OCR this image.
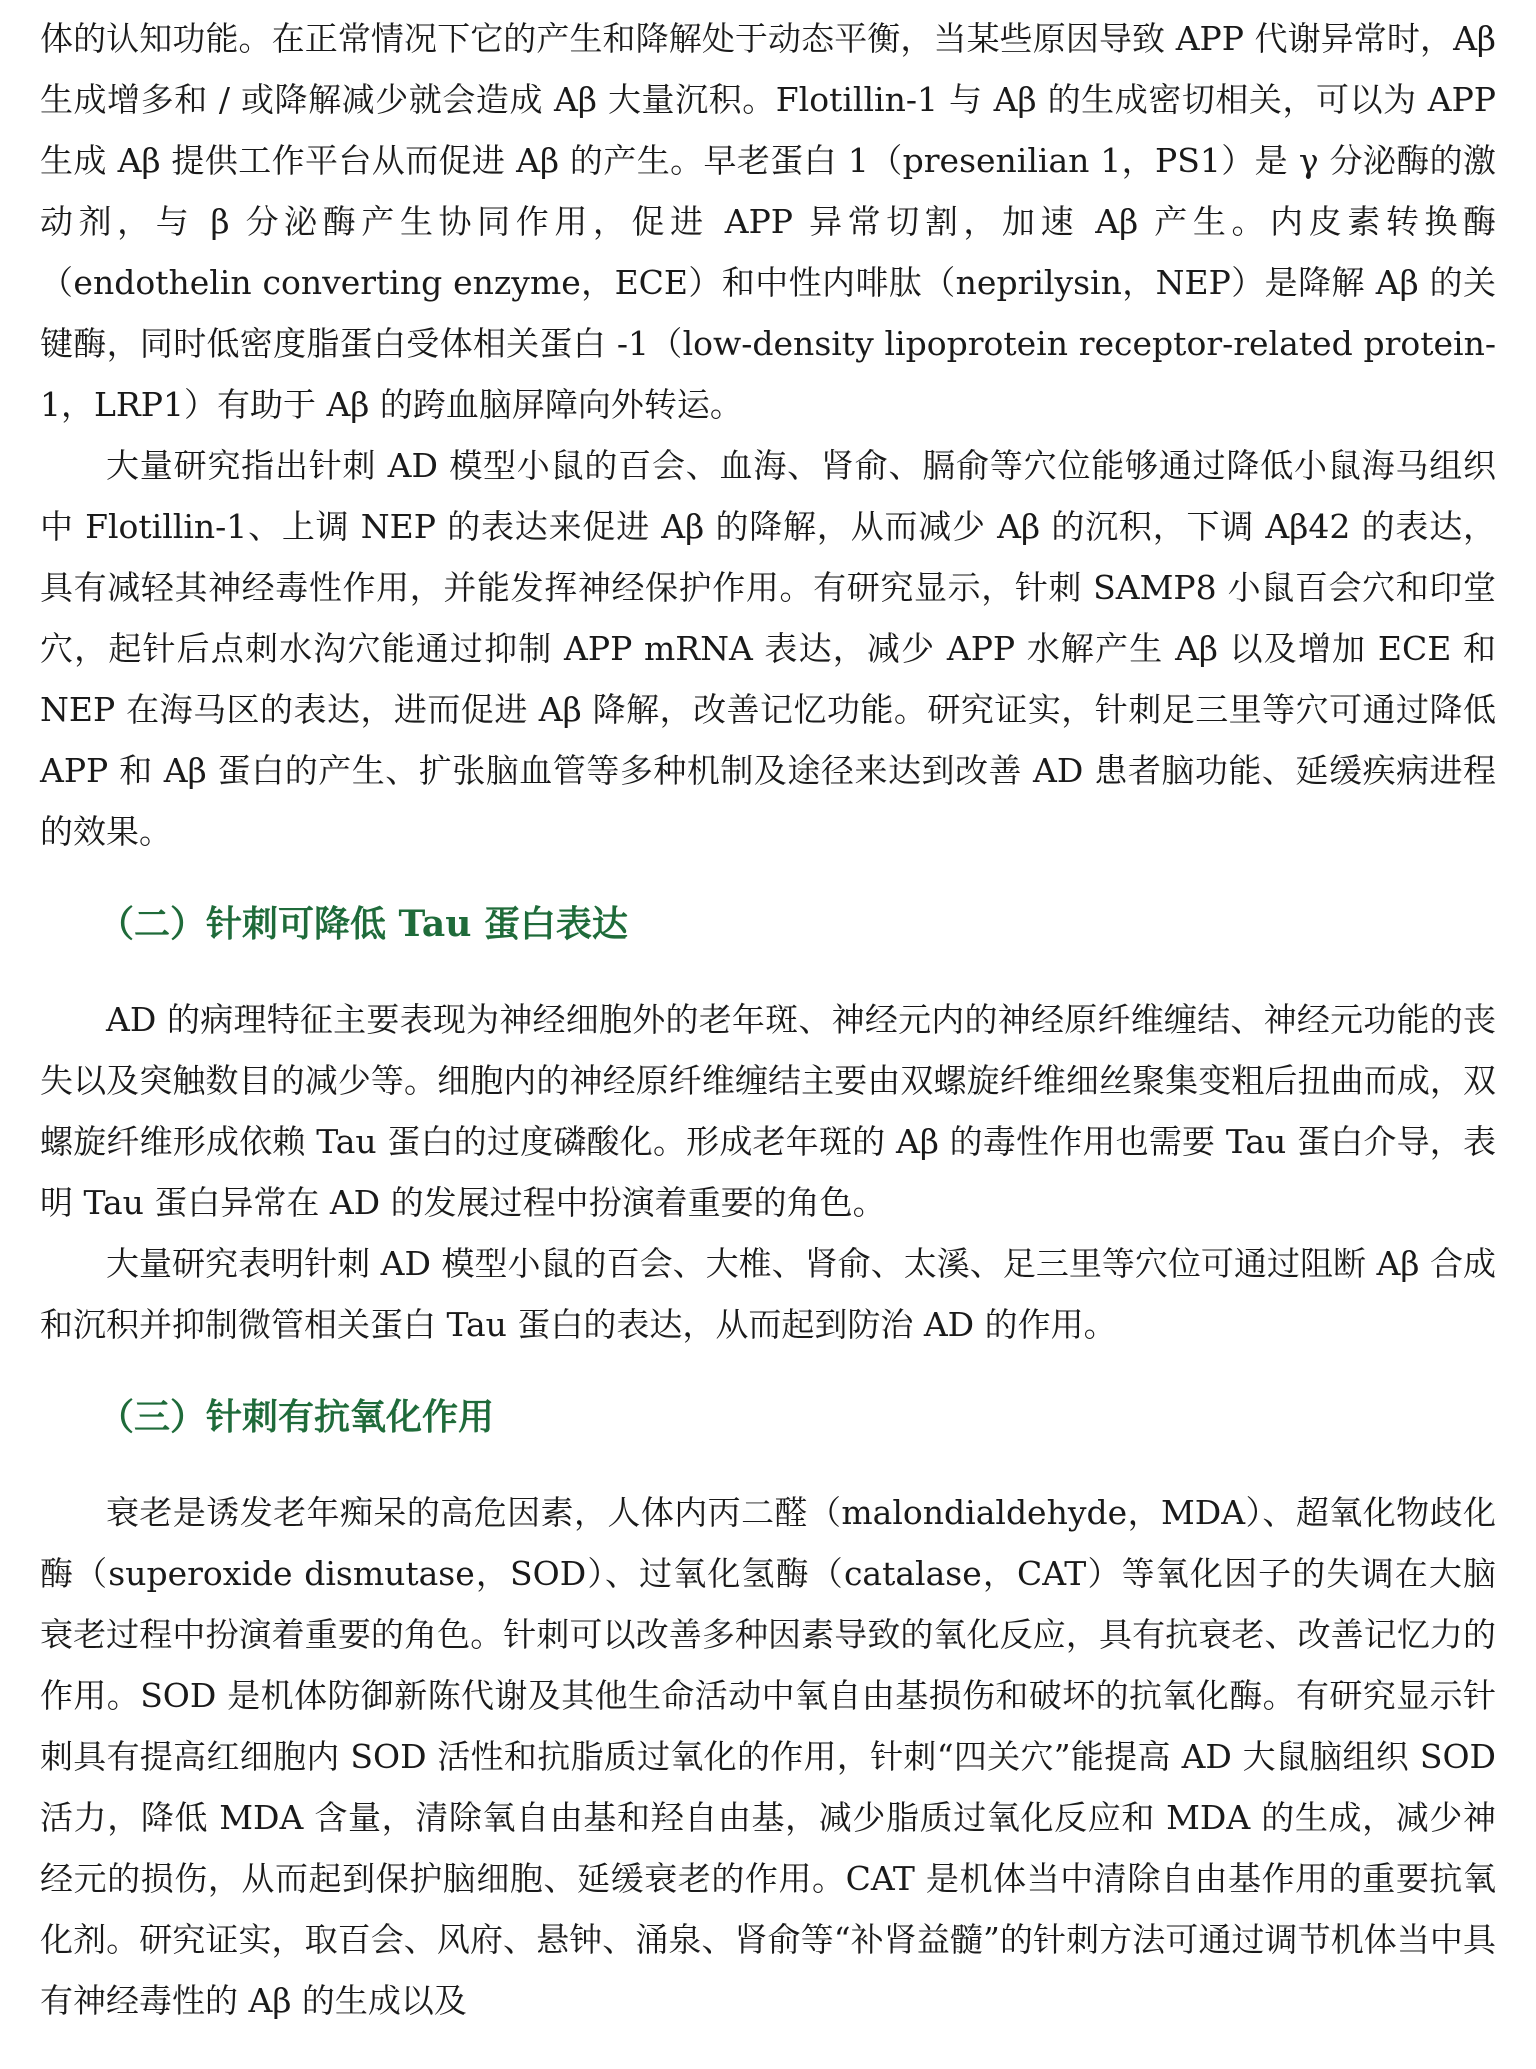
体的认知功能。在正常情况下它的产生和降解处于动态平衡，当某些原因导致 APP 代谢异常时，Aβ 生成增多和 / 或降解减少就会造成 Aβ 大量沉积。Flotillin-1 与 Aβ 的生成密切相关，可以为 APP 生成 Aβ 提供工作平台从而促进 Aβ 的产生。早老蛋白 1（presenilian 1，PS1）是 γ 分泌酶的激动剂，与 β 分泌酶产生协同作用，促进 APP 异常切割，加速 Aβ 产生。内皮素转换酶（endothelin converting enzyme，ECE）和中性内啡肽（neprilysin，NEP）是降解 Aβ 的关键酶，同时低密度脂蛋白受体相关蛋白 -1（low-density lipoprotein receptor-related protein-1，LRP1）有助于 Aβ 的跨血脑屏障向外转运。

大量研究指出针刺 AD 模型小鼠的百会、血海、肾俞、膈俞等穴位能够通过降低小鼠海马组织中 Flotillin-1、上调 NEP 的表达来促进 Aβ 的降解，从而减少 Aβ 的沉积，下调 Aβ42 的表达，具有减轻其神经毒性作用，并能发挥神经保护作用。有研究显示，针刺 SAMP8 小鼠百会穴和印堂穴，起针后点刺水沟穴能通过抑制 APP mRNA 表达，减少 APP 水解产生 Aβ 以及增加 ECE 和 NEP 在海马区的表达，进而促进 Aβ 降解，改善记忆功能。研究证实，针刺足三里等穴可通过降低 APP 和 Aβ 蛋白的产生、扩张脑血管等多种机制及途径来达到改善 AD 患者脑功能、延缓疾病进程的效果。

（二）针刺可降低 Tau 蛋白表达

AD 的病理特征主要表现为神经细胞外的老年斑、神经元内的神经原纤维缠结、神经元功能的丧失以及突触数目的减少等。细胞内的神经原纤维缠结主要由双螺旋纤维细丝聚集变粗后扭曲而成，双螺旋纤维形成依赖 Tau 蛋白的过度磷酸化。形成老年斑的 Aβ 的毒性作用也需要 Tau 蛋白介导，表明 Tau 蛋白异常在 AD 的发展过程中扮演着重要的角色。

大量研究表明针刺 AD 模型小鼠的百会、大椎、肾俞、太溪、足三里等穴位可通过阻断 Aβ 合成和沉积并抑制微管相关蛋白 Tau 蛋白的表达，从而起到防治 AD 的作用。

（三）针刺有抗氧化作用

衰老是诱发老年痴呆的高危因素，人体内丙二醛（malondialdehyde，MDA）、超氧化物歧化酶（superoxide dismutase，SOD）、过氧化氢酶（catalase，CAT）等氧化因子的失调在大脑衰老过程中扮演着重要的角色。针刺可以改善多种因素导致的氧化反应，具有抗衰老、改善记忆力的作用。SOD 是机体防御新陈代谢及其他生命活动中氧自由基损伤和破坏的抗氧化酶。有研究显示针刺具有提高红细胞内 SOD 活性和抗脂质过氧化的作用，针刺“四关穴”能提高 AD 大鼠脑组织 SOD 活力，降低 MDA 含量，清除氧自由基和羟自由基，减少脂质过氧化反应和 MDA 的生成，减少神经元的损伤，从而起到保护脑细胞、延缓衰老的作用。CAT 是机体当中清除自由基作用的重要抗氧化剂。研究证实，取百会、风府、悬钟、涌泉、肾俞等“补肾益髓”的针刺方法可通过调节机体当中具有神经毒性的 Aβ 的生成以及
